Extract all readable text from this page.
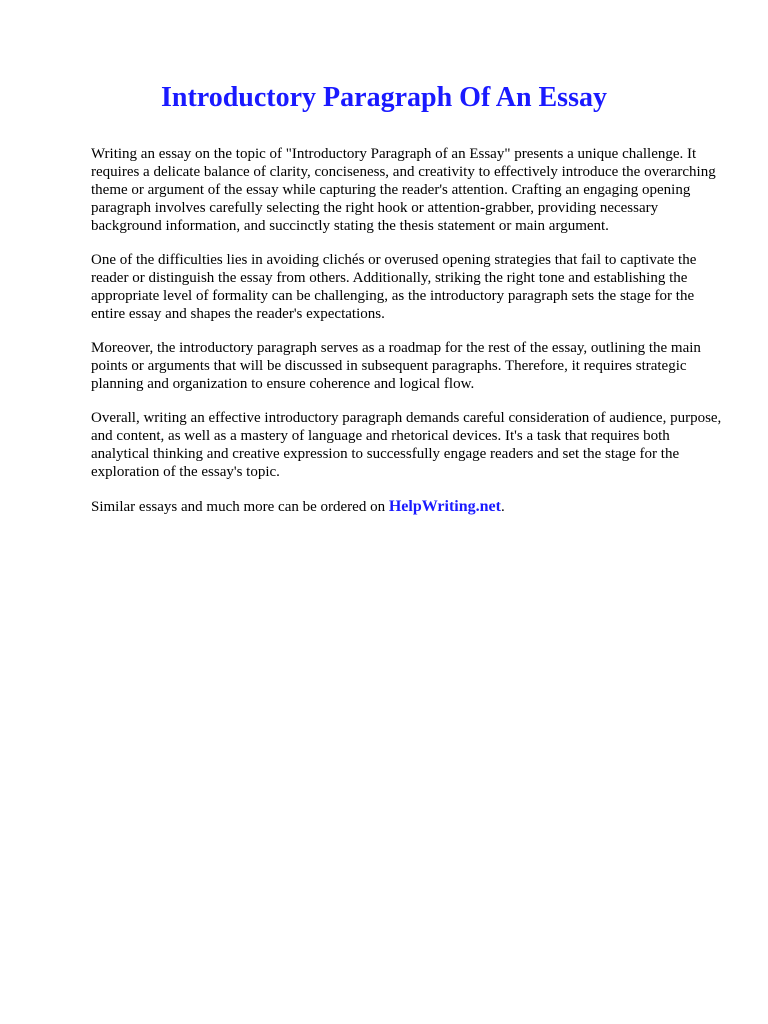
Introductory Paragraph Of An Essay

Writing an essay on the topic of "Introductory Paragraph of an Essay" presents a unique challenge. It requires a delicate balance of clarity, conciseness, and creativity to effectively introduce the overarching theme or argument of the essay while capturing the reader's attention. Crafting an engaging opening paragraph involves carefully selecting the right hook or attention-grabber, providing necessary background information, and succinctly stating the thesis statement or main argument.

One of the difficulties lies in avoiding clichés or overused opening strategies that fail to captivate the reader or distinguish the essay from others. Additionally, striking the right tone and establishing the appropriate level of formality can be challenging, as the introductory paragraph sets the stage for the entire essay and shapes the reader's expectations.

Moreover, the introductory paragraph serves as a roadmap for the rest of the essay, outlining the main points or arguments that will be discussed in subsequent paragraphs. Therefore, it requires strategic planning and organization to ensure coherence and logical flow.

Overall, writing an effective introductory paragraph demands careful consideration of audience, purpose, and content, as well as a mastery of language and rhetorical devices. It's a task that requires both analytical thinking and creative expression to successfully engage readers and set the stage for the exploration of the essay's topic.

Similar essays and much more can be ordered on HelpWriting.net.
